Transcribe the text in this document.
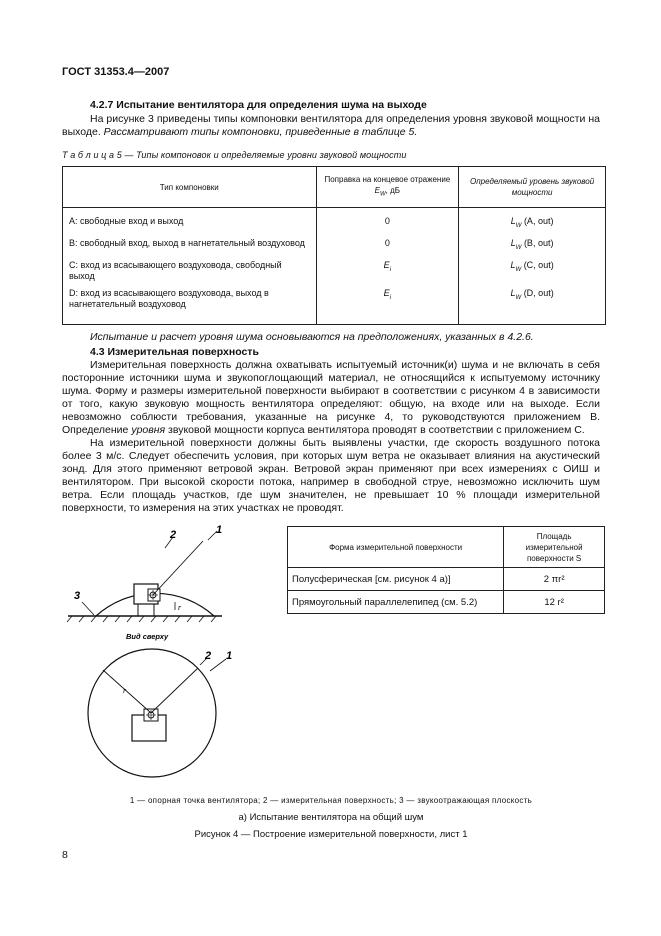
ГОСТ 31353.4—2007
4.2.7 Испытание вентилятора для определения шума на выходе
На рисунке 3 приведены типы компоновки вентилятора для определения уровня звуковой мощности на выходе. Рассматривают типы компоновки, приведенные в таблице 5.
Т а б л и ц а 5 — Типы компоновок и определяемые уровни звуковой мощности
Тип компоновки	Поправка на концевое отражение $E_W$, дБ	Определяемый уровень звуковой мощности
А: свободные вход и выход	0	$L_W$ (A, out)
В: свободный вход, выход в нагнетательный воздуховод	0	$L_W$ (B, out)
С: вход из всасывающего воздуховода, свободный выход	$E_i$	$L_W$ (C, out)
D: вход из всасывающего воздуховода, выход в нагнетательный воздуховод	$E_i$	$L_W$ (D, out)
Испытание и расчет уровня шума основываются на предположениях, указанных в 4.2.6.
4.3 Измерительная поверхность
Измерительная поверхность должна охватывать испытуемый источник(и) шума и не включать в себя посторонние источники шума и звукопоглощающий материал, не относящийся к испытуемому источнику шума. Форму и размеры измерительной поверхности выбирают в соответствии с рисунком 4 в зависимости от того, какую звуковую мощность вентилятора определяют: общую, на входе или на выходе. Если невозможно соблюсти требования, указанные на рисунке 4, то руководствуются приложением В. Определение уровня звуковой мощности корпуса вентилятора проводят в соответствии с приложением С.
На измерительной поверхности должны быть выявлены участки, где скорость воздушного потока более 3 м/с. Следует обеспечить условия, при которых шум ветра не оказывает влияния на акустический зонд. Для этого применяют ветровой экран. Ветровой экран применяют при всех измерениях с ОИШ и вентилятором. При высокой скорости потока, например в свободной струе, невозможно исключить шум ветра. Если площадь участков, где шум значителен, не превышает 10 % площади измерительной поверхности, то измерения на этих участках не проводят.
r
1
2
3
Вид сверху
r
2 1
Форма измерительной поверхности	Площадь измерительной поверхности S
Полусферическая [см. рисунок 4 а)]	2 πr²
Прямоугольный параллелепипед (см. 5.2)	12 r²
1 — опорная точка вентилятора; 2 — измерительная поверхность; 3 — звукоотражающая плоскость
а) Испытание вентилятора на общий шум
Рисунок 4 — Построение измерительной поверхности, лист 1
8
